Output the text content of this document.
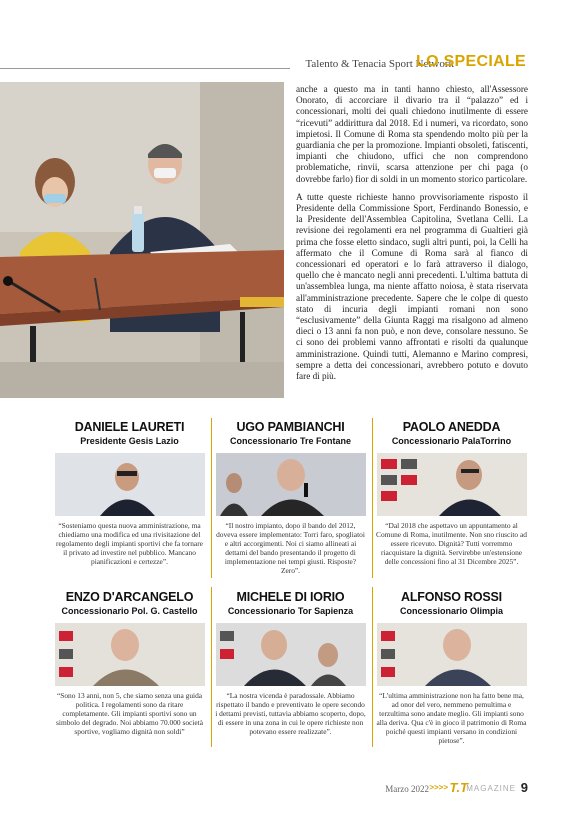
Talento & Tenacia Sport Network
LO SPECIALE

anche a questo ma in tanti hanno chiesto, all'Assessore Onorato, di accorciare il divario tra il “palazzo” ed i concessionari, molti dei quali chiedono inutilmente di essere “ricevuti” addirittura dal 2018. Ed i numeri, va ricordato, sono impietosi. Il Comune di Roma sta spendendo molto più per la guardiania che per la promozione. Impianti obsoleti, fatiscenti, impianti che chiudono, uffici che non comprendono problematiche, rinvii, scarsa attenzione per chi paga (o dovrebbe farlo) fior di soldi in un momento storico particolare.

A tutte queste richieste hanno provvisoriamente risposto il Presidente della Commissione Sport, Ferdinando Bonessio, e la Presidente dell'Assemblea Capitolina, Svetlana Celli. La revisione dei regolamenti era nel programma di Gualtieri già prima che fosse eletto sindaco, sugli altri punti, poi, la Celli ha affermato che il Comune di Roma sarà al fianco di concessionari ed operatori e lo farà attraverso il dialogo, quello che è mancato negli anni precedenti. L'ultima battuta di un'assemblea lunga, ma niente affatto noiosa, è stata riservata all'amministrazione precedente. Sapere che le colpe di questo stato di incuria degli impianti romani non sono “esclusivamente” della Giunta Raggi ma risalgono ad almeno dieci o 13 anni fa non può, e non deve, consolare nessuno. Se ci sono dei problemi vanno affrontati e risolti da qualunque amministrazione. Quindi tutti, Alemanno e Marino compresi, sempre a detta dei concessionari, avrebbero potuto e dovuto fare di più.

DANIELE LAURETI
Presidente Gesis Lazio
“Sosteniamo questa nuova amministrazione, ma chiediamo una modifica ed una rivisitazione del regolamento degli impianti sportivi che fa tornare il privato ad investire nel pubblico. Mancano pianificazioni e certezze”.
UGO PAMBIANCHI
Concessionario Tre Fontane
“Il nostro impianto, dopo il bando del 2012, doveva essere implementato: Torri faro, spogliatoi e altri accorgimenti. Noi ci siamo allineati ai dettami del bando presentando il progetto di implementazione nei tempi giusti. Risposte? Zero”.
PAOLO ANEDDA
Concessionario PalaTorrino
“Dal 2018 che aspettavo un appuntamento al Comune di Roma, inutilmente. Non sno riuscito ad essere ricevuto. Dignità? Tutti vorremmo riacquistare la dignità. Servirebbe un'estensione delle concessioni fino al 31 Dicembre 2025”.
ENZO D'ARCANGELO
Concessionario Pol. G. Castello
“Sono 13 anni, non 5, che siamo senza una guida politica. I regolamenti sono da ritare completamente. Gli impianti sportivi sono un simbolo del degrado. Noi abbiamo 70.000 società sportive, vogliamo dignità non soldi”
MICHELE DI IORIO
Concessionario Tor Sapienza
“La nostra vicenda è paradossale. Abbiamo rispettato il bando e preventivato le opere secondo i dettami previsti, tuttavia abbiamo scoperto, dopo, di essere in una zona in cui le opere richieste non potevano essere realizzate”.
ALFONSO ROSSI
Concessionario Olimpia
“L'ultima amministrazione non ha fatto bene ma, ad onor del vero, nemmeno pemultima e terzultima sono andate meglio. Gli impianti sono alla deriva. Qua c'è in gioco il patrimonio di Roma poiché questi impianti versano in condizioni pietose”.
Marzo 2022 >>>> T.T
MAGAZINE 9
